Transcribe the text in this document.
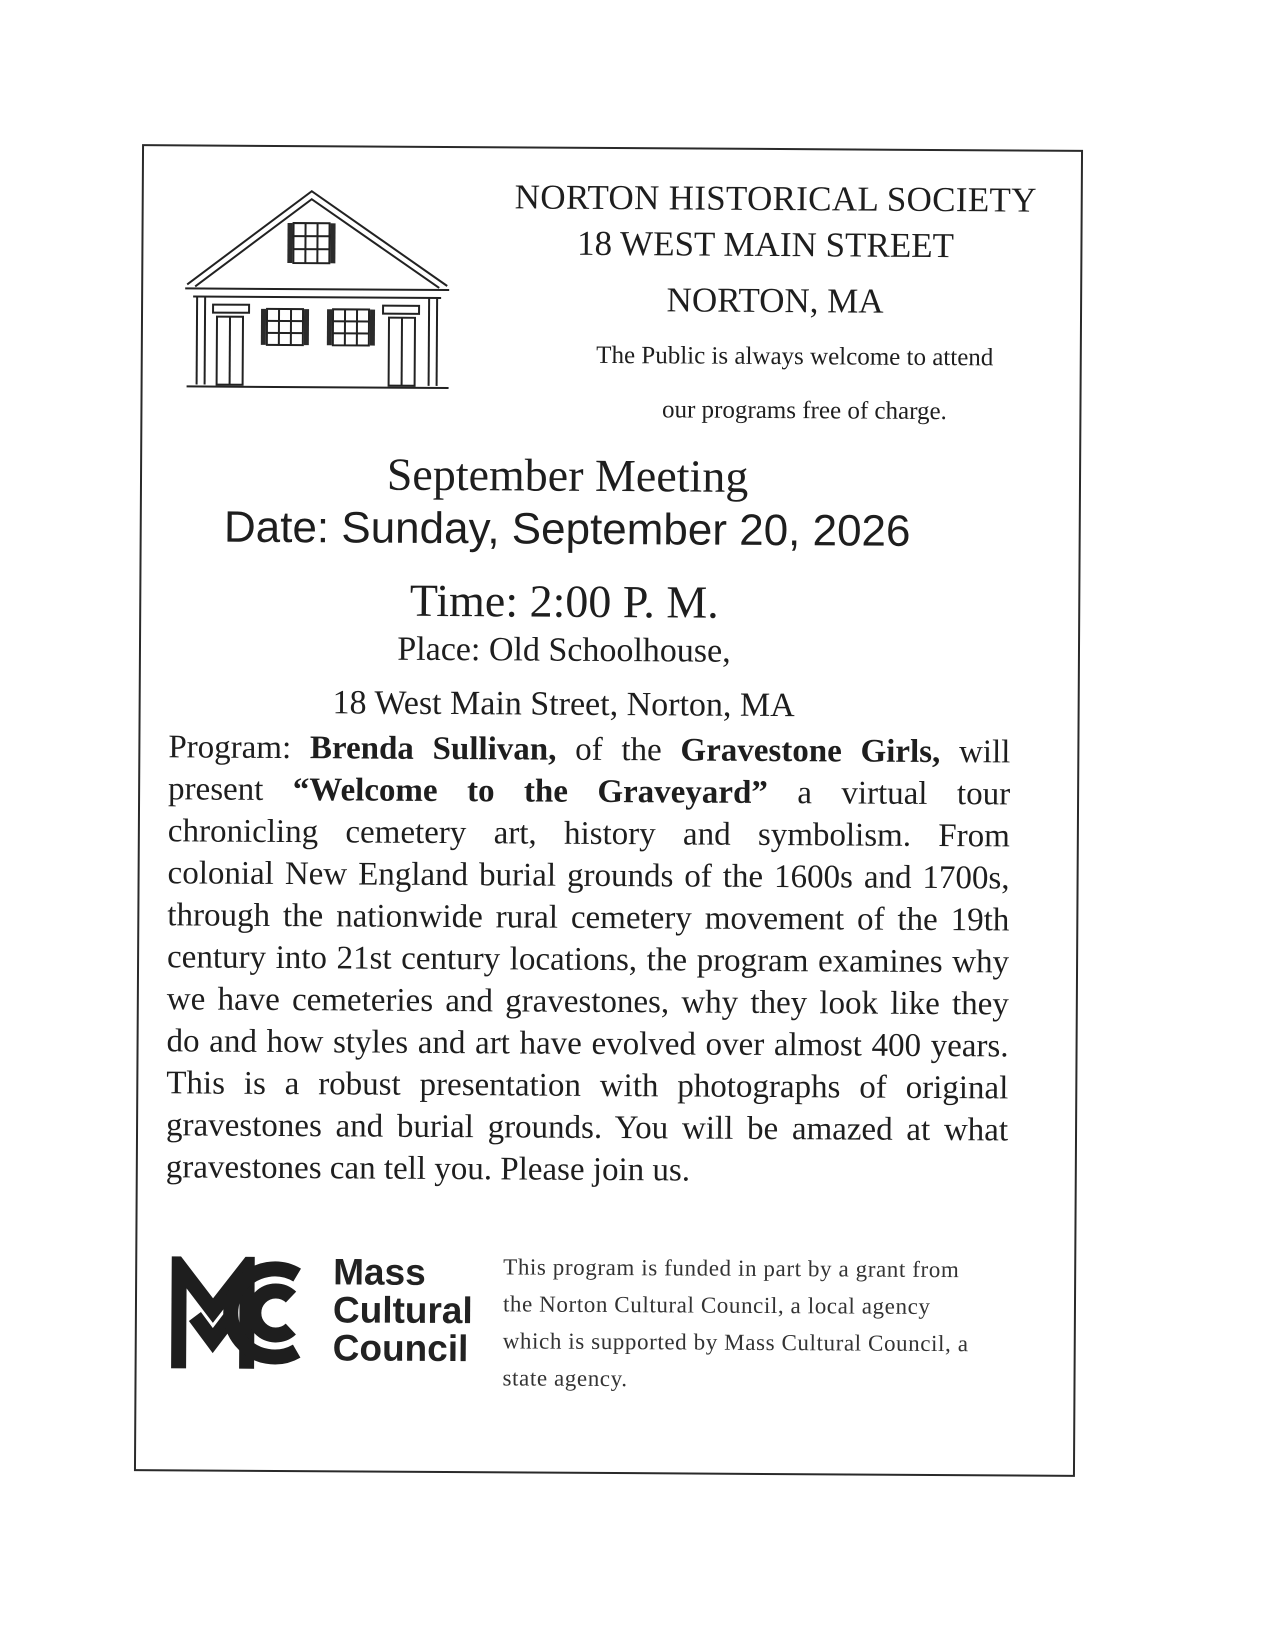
NORTON HISTORICAL SOCIETY
18 WEST MAIN STREET
NORTON, MA
The Public is always welcome to attend
our programs free of charge.
September Meeting
Date: Sunday, September 20, 2026
Time: 2:00 P. M.
Place: Old Schoolhouse,
18 West Main Street, Norton, MA
Program: Brenda Sullivan, of the Gravestone Girls, will present “Welcome to the Graveyard” a virtual tour chronicling cemetery art, history and symbolism. From colonial New England burial grounds of the 1600s and 1700s, through the nationwide rural cemetery movement of the 19th century into 21st century locations, the program examines why we have cemeteries and gravestones, why they look like they do and how styles and art have evolved over almost 400 years. This is a robust presentation with photographs of original gravestones and burial grounds. You will be amazed at what gravestones can tell you. Please join us.
Mass
Cultural
Council
This program is funded in part by a grant from the Norton Cultural Council, a local agency which is supported by Mass Cultural Council, a state agency.
